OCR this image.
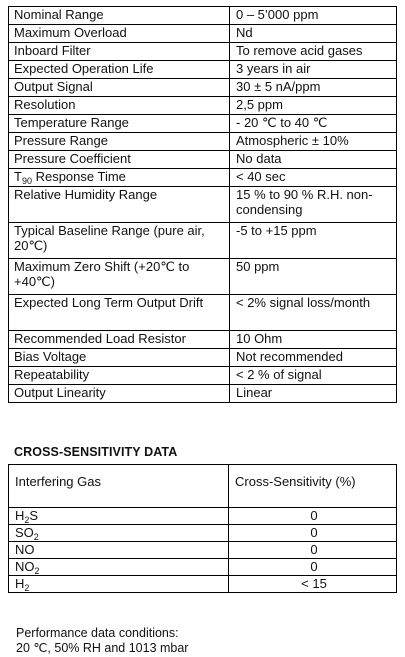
Nominal Range	0 – 5’000 ppm
Maximum Overload	Nd
Inboard Filter	To remove acid gases
Expected Operation Life	3 years in air
Output Signal	30 ± 5 nA/ppm
Resolution	2,5 ppm
Temperature Range	- 20 ℃ to 40 ℃
Pressure Range	Atmospheric ± 10%
Pressure Coefficient	No data
$T_{90}$ Response Time	< 40 sec
Relative Humidity Range	15 % to 90 % R.H. non-condensing
Typical Baseline Range (pure air, 20℃)	-5 to +15 ppm
Maximum Zero Shift (+20℃ to +40℃)	50 ppm
Expected Long Term Output Drift	< 2% signal loss/month
Recommended Load Resistor	10 Ohm
Bias Voltage	Not recommended
Repeatability	< 2 % of signal
Output Linearity	Linear
CROSS-SENSITIVITY DATA
Interfering Gas	Cross-Sensitivity (%)
$H_2S$	0
$SO_2$	0
NO	0
$NO_2$	0
$H_2$	< 15
Performance data conditions:
20 ℃, 50% RH and 1013 mbar
